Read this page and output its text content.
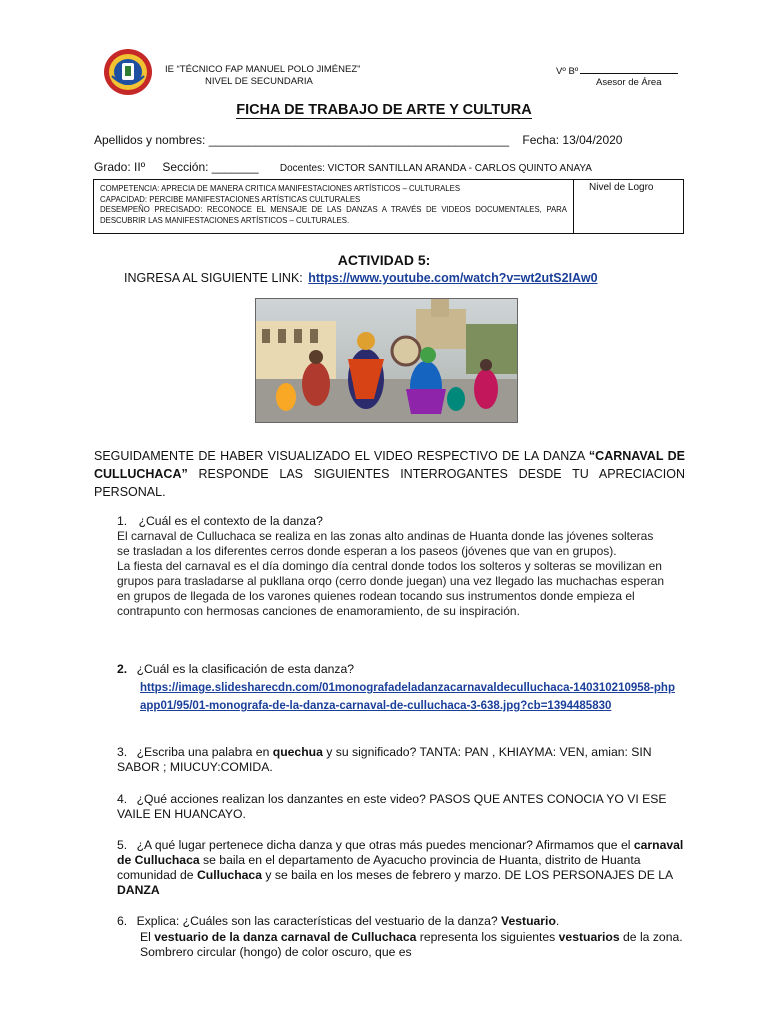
IE “TÉCNICO FAP MANUEL POLO JIMÉNEZ”
NIVEL DE SECUNDARIA
Vº Bº
Asesor de Área
FICHA DE TRABAJO DE ARTE Y CULTURA
Apellidos y nombres: _____________________________________________ Fecha: 13/04/2020
Grado: IIº Sección: _______ Docentes: VICTOR SANTILLAN ARANDA - CARLOS QUINTO ANAYA
COMPETENCIA: APRECIA DE MANERA CRITICA MANIFESTACIONES ARTÍSTICOS – CULTURALES
CAPACIDAD: PERCIBE MANIFESTACIONES ARTÍSTICAS CULTURALES
DESEMPEÑO PRECISADO: RECONOCE EL MENSAJE DE LAS DANZAS A TRAVÉS DE VIDEOS DOCUMENTALES, PARA DESCUBRIR LAS MANIFESTACIONES ARTÍSTICOS – CULTURALES.
Nivel de Logro
ACTIVIDAD 5:
INGRESA AL SIGUIENTE LINK: https://www.youtube.com/watch?v=wt2utS2IAw0
SEGUIDAMENTE DE HABER VISUALIZADO EL VIDEO RESPECTIVO DE LA DANZA “CARNAVAL DE CULLUCHACA” RESPONDE LAS SIGUIENTES INTERROGANTES DESDE TU APRECIACION PERSONAL.
1. ¿Cuál es el contexto de la danza?
El carnaval de Culluchaca se realiza en las zonas alto andinas de Huanta donde las jóvenes solteras se trasladan a los diferentes cerros donde esperan a los paseos (jóvenes que van en grupos).
La fiesta del carnaval es el día domingo día central donde todos los solteros y solteras se movilizan en grupos para trasladarse al pukllana orqo (cerro donde juegan) una vez llegado las muchachas esperan en grupos de llegada de los varones quienes rodean tocando sus instrumentos donde empieza el contrapunto con hermosas canciones de enamoramiento, de su inspiración.
2. ¿Cuál es la clasificación de esta danza?
https://image.slidesharecdn.com/01monografadeladanzacarnavaldeculluchaca-140310210958-phpapp01/95/01-monografa-de-la-danza-carnaval-de-culluchaca-3-638.jpg?cb=1394485830
3. ¿Escriba una palabra en quechua y su significado? TANTA: PAN , KHIAYMA: VEN, amian: SIN SABOR ; MIUCUY:COMIDA.
4. ¿Qué acciones realizan los danzantes en este video? PASOS QUE ANTES CONOCIA YO VI ESE VAILE EN HUANCAYO.
5. ¿A qué lugar pertenece dicha danza y que otras más puedes mencionar? Afirmamos que el carnaval de Culluchaca se baila en el departamento de Ayacucho provincia de Huanta, distrito de Huanta comunidad de Culluchaca y se baila en los meses de febrero y marzo. DE LOS PERSONAJES DE LA DANZA
6. Explica: ¿Cuáles son las características del vestuario de la danza? Vestuario.
El vestuario de la danza carnaval de Culluchaca representa los siguientes vestuarios de la zona. Sombrero circular (hongo) de color oscuro, que es
